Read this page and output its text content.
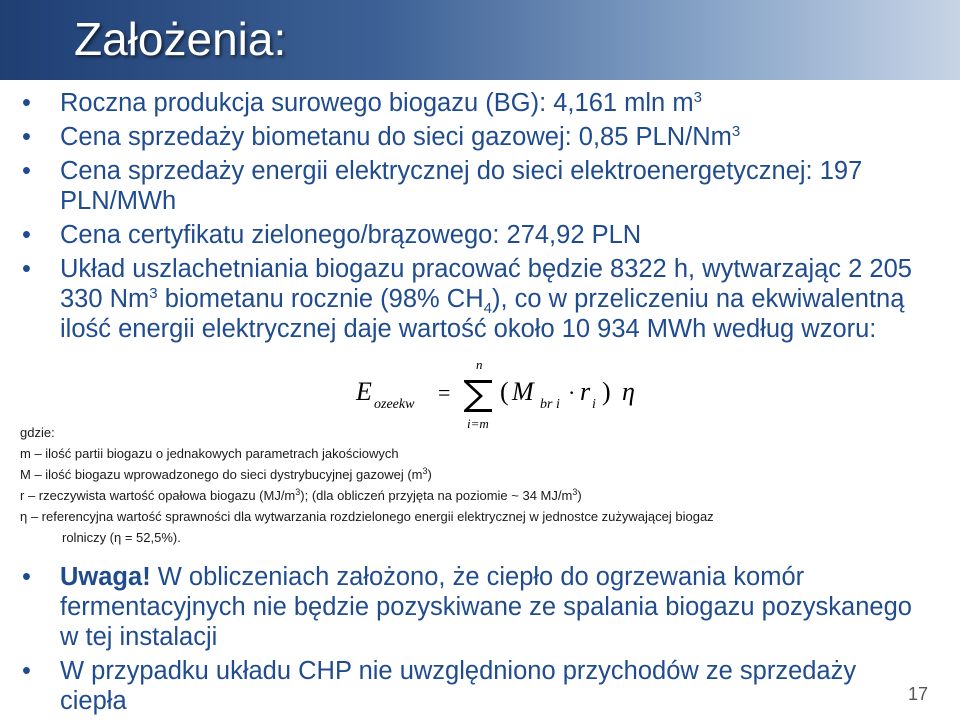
Założenia:
• Roczna produkcja surowego biogazu (BG): 4,161 mln $m^3$
• Cena sprzedaży biometanu do sieci gazowej: 0,85 PLN/Nm$^3$
• Cena sprzedaży energii elektrycznej do sieci elektroenergetycznej: 197 PLN/MWh
• Cena certyfikatu zielonego/brązowego: 274,92 PLN
• Układ uszlachetniania biogazu pracować będzie 8322 h, wytwarzając 2 205 330 Nm$^3$ biometanu rocznie (98% $CH_4$), co w przeliczeniu na ekwiwalentną ilość energii elektrycznej daje wartość około 10 934 MWh według wzoru:
E ozeekw =
n
i=m
( M br i · r i ) η

gdzie:

m – ilość partii biogazu o jednakowych parametrach jakościowych

M – ilość biogazu wprowadzonego do sieci dystrybucyjnej gazowej $(m^3)$

r – rzeczywista wartość opałowa biogazu $(MJ/m^3)$; (dla obliczeń przyjęta na poziomie ~ 34 $MJ/m^3$)

η – referencyjna wartość sprawności dla wytwarzania rozdzielonego energii elektrycznej w jednostce zużywającej biogaz

rolniczy (η = 52,5%).

• Uwaga! W obliczeniach założono, że ciepło do ogrzewania komór fermentacyjnych nie będzie pozyskiwane ze spalania biogazu pozyskanego w tej instalacji
• W przypadku układu CHP nie uwzględniono przychodów ze sprzedaży ciepła	17
